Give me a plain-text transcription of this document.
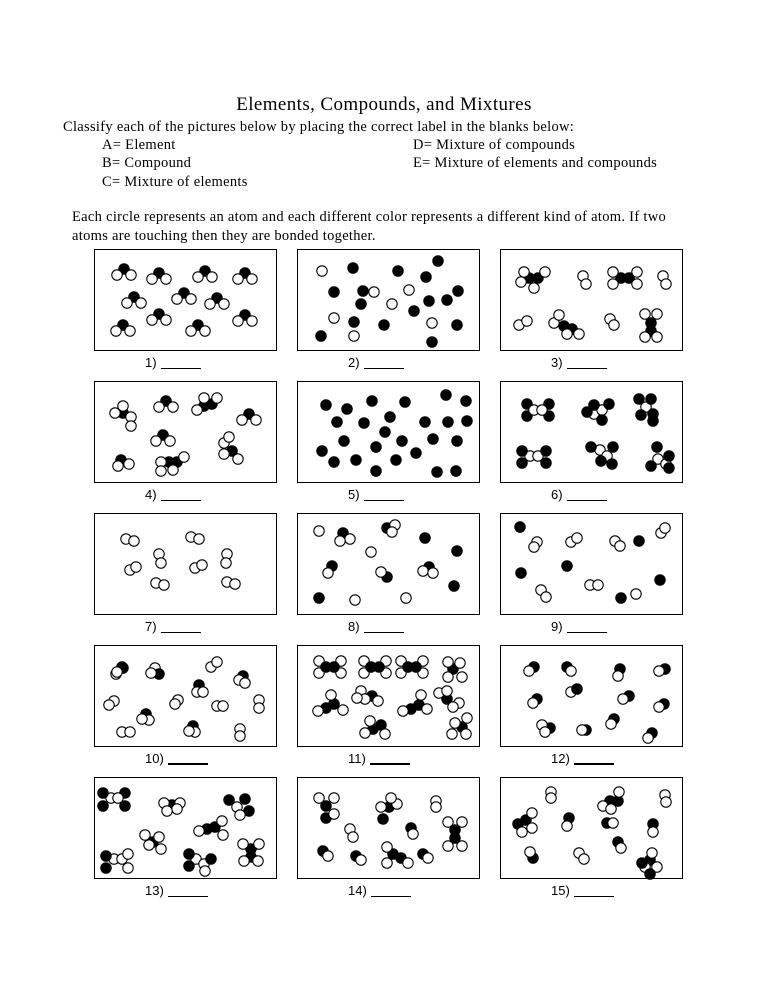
Elements, Compounds, and Mixtures
Classify each of the pictures below by placing the correct label in the blanks below:
A= Element
B= Compound
C= Mixture of elements
D= Mixture of compounds
E= Mixture of elements and compounds
Each circle represents an atom and each different color represents a different kind of atom. If two atoms are touching then they are bonded together.
1)	2)	3)
4)	5)	6)
7)	8)	9)
10)	11)	12)
13)	14)	15)
